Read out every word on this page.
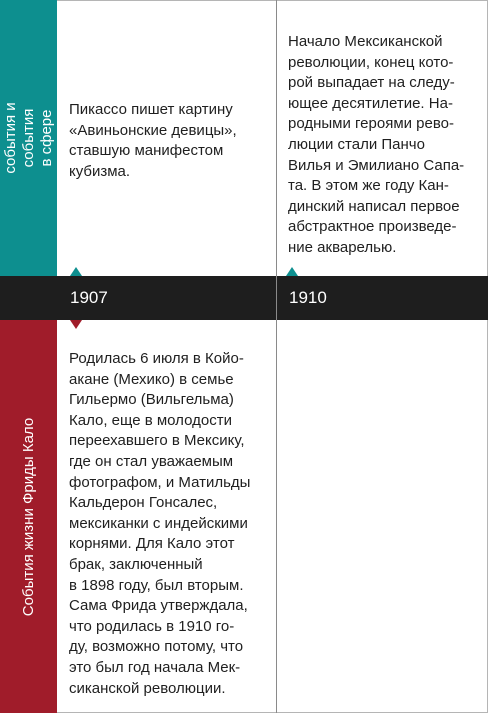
события и события
в сфере искусства
События жизни Фриды Кало
1907	1910
Пикассо пишет картину
«Авиньонские девицы»,
ставшую манифестом
кубизма.
Начало Мексиканской
революции, конец кото-
рой выпадает на следу-
ющее десятилетие. На-
родными героями рево-
люции стали Панчо
Вилья и Эмилиано Сапа-
та. В этом же году Кан-
динский написал первое
абстрактное произведе-
ние акварелью.
Родилась 6 июля в Койо-
акане (Мехико) в семье
Гильермо (Вильгельма)
Кало, еще в молодости
переехавшего в Мексику,
где он стал уважаемым
фотографом, и Матильды
Кальдерон Гонсалес,
мексиканки с индейскими
корнями. Для Кало этот
брак, заключенный
в 1898 году, был вторым.
Сама Фрида утверждала,
что родилась в 1910 го-
ду, возможно потому, что
это был год начала Мек-
сиканской революции.
